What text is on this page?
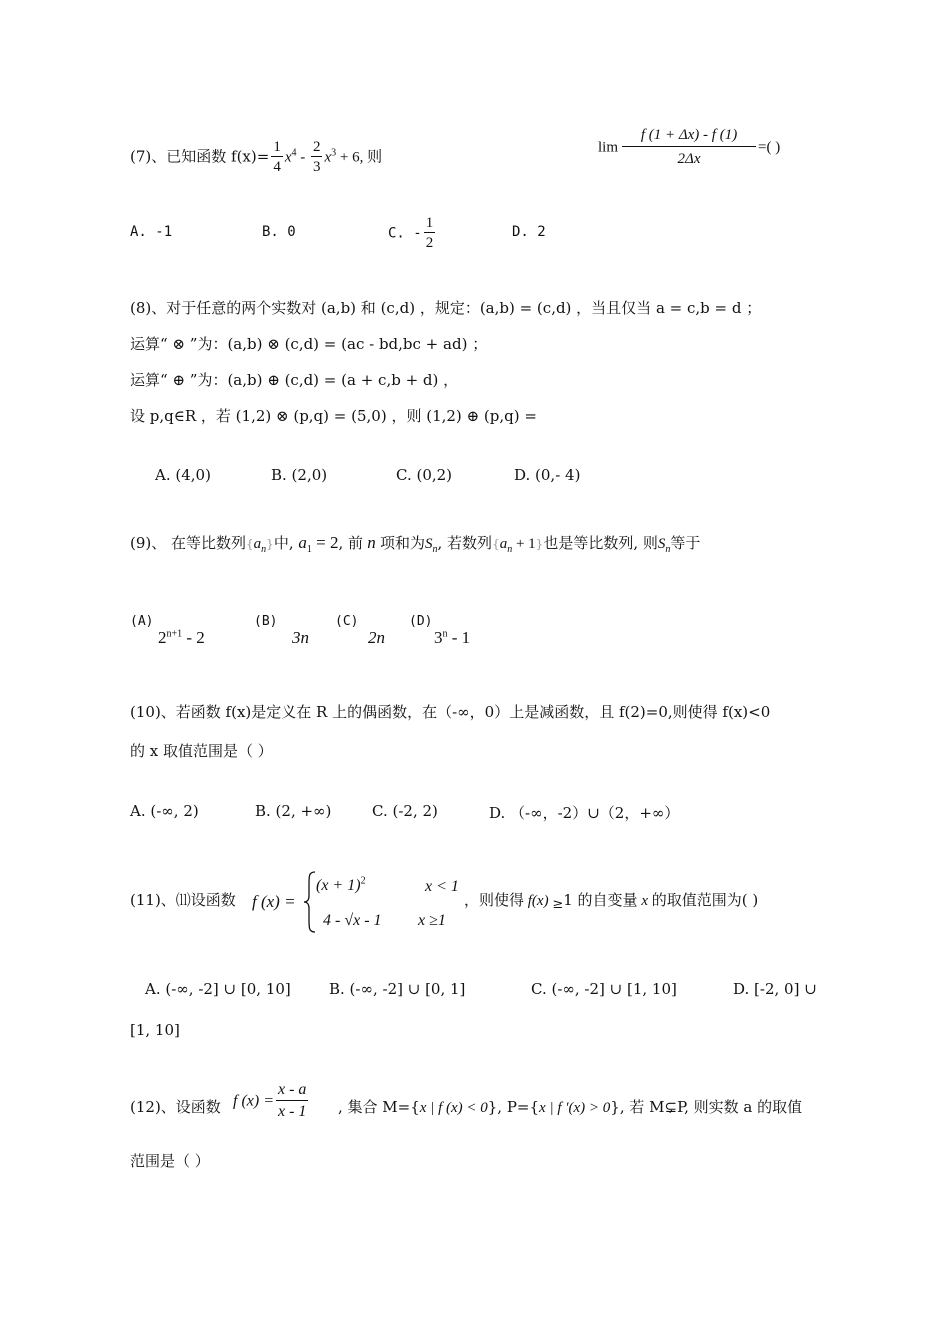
(7)、已知函数 $f(x)= \frac{1}{4} x^4 - \frac{2}{3} x^3 + 6$, 则
$\lim \frac{f (1 + \Delta x) - f (1)}{2\Delta x}$ =( )
A. -1	B. 0	C. - $\frac{1}{2}$	D. 2
(8)、对于任意的两个实数对 (a,b) 和 (c,d) ，规定：(a,b) = (c,d) ，当且仅当 a = c,b = d ；
运算“ ⊗ ”为：(a,b) ⊗ (c,d) = (ac - bd,bc + ad) ；
运算“ ⊕ ”为：(a,b) ⊕ (c,d) = (a + c,b + d) ，
设 p,q∈R ，若 (1,2) ⊗ (p,q) = (5,0) ，则 (1,2) ⊕ (p,q) =
A. (4,0)	B. (2,0)	C. (0,2)	D. (0,- 4)
(9)、 在等比数列$\{a_n\}$中, $a_1 = 2$, 前 n 项和为$S_n$, 若数列$\{a_n + 1\}$也是等比数列, 则$S_n$等于
(A)
$2^{n+1} - 2$
(B)
3n
(C)
2n
(D)
3$^n$ - 1
(10)、若函数 f(x)是定义在 R 上的偶函数，在（-∞，0）上是减函数，且 f(2)=0,则使得 f(x)<0
的 x 取值范围是（ ）
A. (-∞, 2)	B. (2, +∞)	C. (-2, 2)	D. （-∞，-2）∪（2，+∞）
(11)、⑾设函数 f (x) =
$(x + 1)^2$	x < 1
4 - √x - 1 x ≥1
，则使得 f(x) ≥1 的自变量 x 的取值范围为( )
A. (-∞, -2] ∪ [0, 10]	B. (-∞, -2] ∪ [0, 1]	C. (-∞, -2] ∪ [1, 10]	D. [-2, 0] ∪
[1, 10]
(12)、设函数 f $(x) = \frac{x - a}{x - 1}$ , 集合 M={x | f (x) < 0}, P={x | f ′(x) > 0}, 若 M⊊P, 则实数 a 的取值
范围是（ ）
